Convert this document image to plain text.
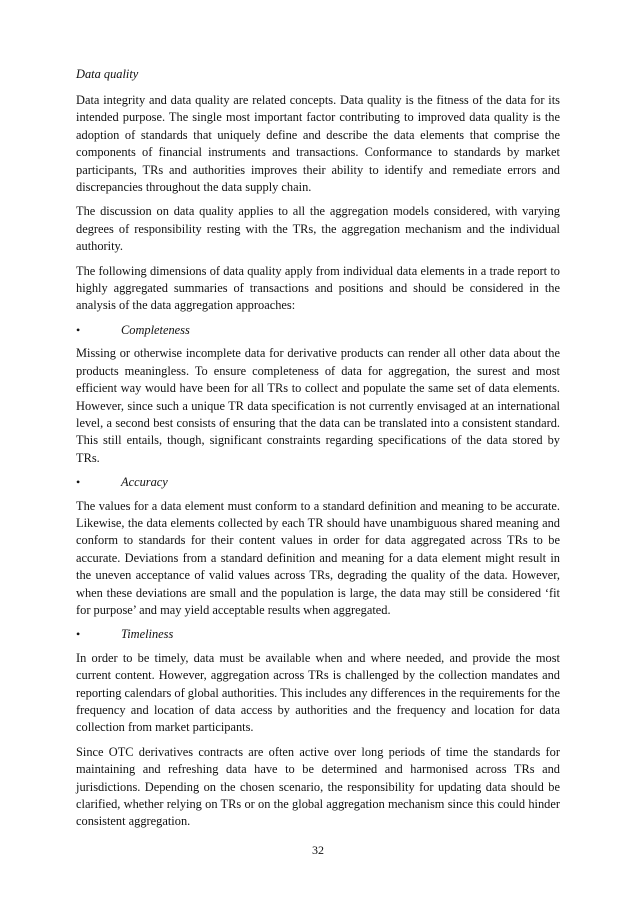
Data quality

Data integrity and data quality are related concepts. Data quality is the fitness of the data for its intended purpose. The single most important factor contributing to improved data quality is the adoption of standards that uniquely define and describe the data elements that comprise the components of financial instruments and transactions. Conformance to standards by market participants, TRs and authorities improves their ability to identify and remediate errors and discrepancies throughout the data supply chain.

The discussion on data quality applies to all the aggregation models considered, with varying degrees of responsibility resting with the TRs, the aggregation mechanism and the individual authority.

The following dimensions of data quality apply from individual data elements in a trade report to highly aggregated summaries of transactions and positions and should be considered in the analysis of the data aggregation approaches:

•	Completeness

Missing or otherwise incomplete data for derivative products can render all other data about the products meaningless. To ensure completeness of data for aggregation, the surest and most efficient way would have been for all TRs to collect and populate the same set of data elements. However, since such a unique TR data specification is not currently envisaged at an international level, a second best consists of ensuring that the data can be translated into a consistent standard. This still entails, though, significant constraints regarding specifications of the data stored by TRs.

•	Accuracy

The values for a data element must conform to a standard definition and meaning to be accurate. Likewise, the data elements collected by each TR should have unambiguous shared meaning and conform to standards for their content values in order for data aggregated across TRs to be accurate. Deviations from a standard definition and meaning for a data element might result in the uneven acceptance of valid values across TRs, degrading the quality of the data. However, when these deviations are small and the population is large, the data may still be considered ‘fit for purpose’ and may yield acceptable results when aggregated.

•	Timeliness

In order to be timely, data must be available when and where needed, and provide the most current content. However, aggregation across TRs is challenged by the collection mandates and reporting calendars of global authorities. This includes any differences in the requirements for the frequency and location of data access by authorities and the frequency and location for data collection from market participants.

Since OTC derivatives contracts are often active over long periods of time the standards for maintaining and refreshing data have to be determined and harmonised across TRs and jurisdictions. Depending on the chosen scenario, the responsibility for updating data should be clarified, whether relying on TRs or on the global aggregation mechanism since this could hinder consistent aggregation.

32
